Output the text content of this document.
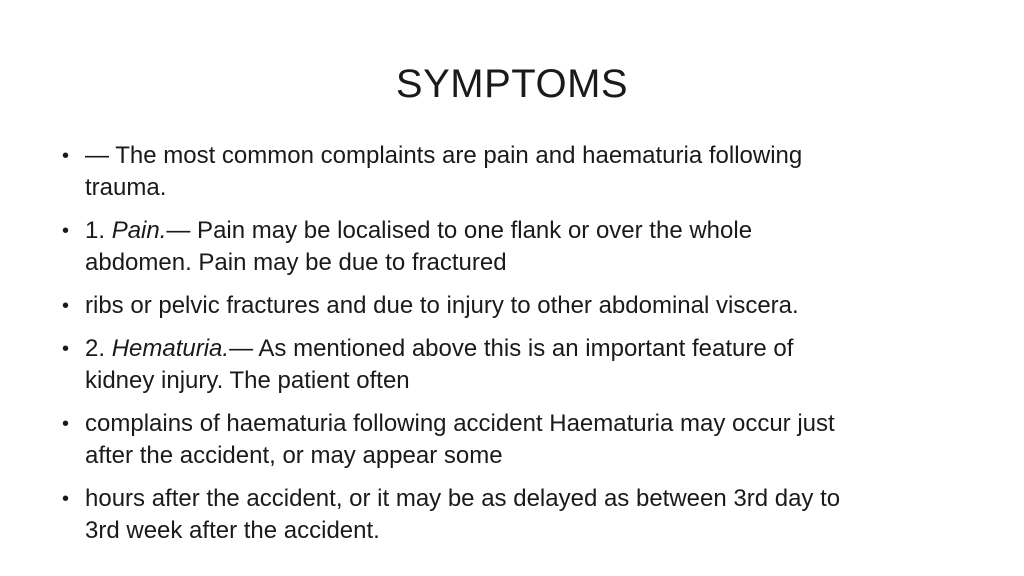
SYMPTOMS
• — The most common complaints are pain and haematuria following trauma.
• 1. Pain.— Pain may be localised to one flank or over the whole abdomen. Pain may be due to fractured
• ribs or pelvic fractures and due to injury to other abdominal viscera.
• 2. Hematuria.— As mentioned above this is an important feature of kidney injury. The patient often
• complains of haematuria following accident Haematuria may occur just after the accident, or may appear some
• hours after the accident, or it may be as delayed as between 3rd day to 3rd week after the accident.
